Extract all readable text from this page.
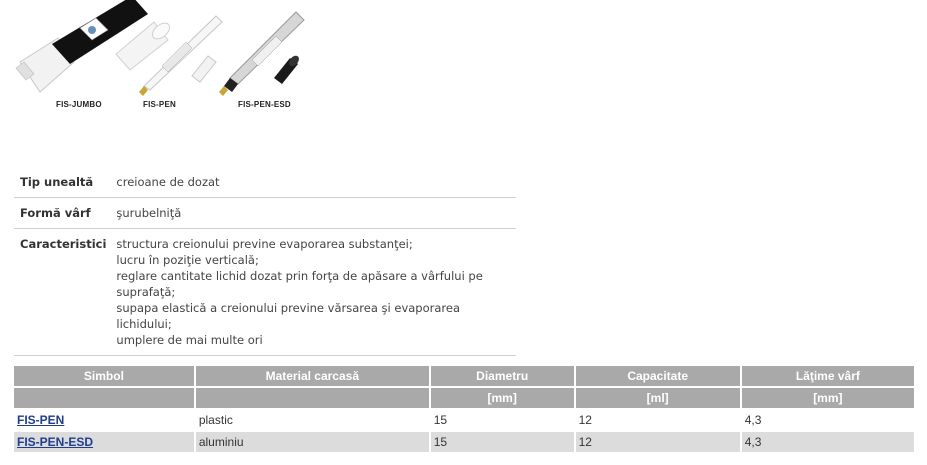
FIS-JUMBO	FIS-PEN	FIS-PEN-ESD
Tip unealtă	creioane de dozat

Formă vârf	şurubelniţă

Caracteristici	structura creionului previne evaporarea substanţei;
lucru în poziţie verticală;
reglare cantitate lichid dozat prin forţa de apăsare a vârfului pe suprafaţă;
supapa elastică a creionului previne vărsarea şi evaporarea lichidului;
umplere de mai multe ori
Simbol	Material carcasă	Diametru	Capacitate	Lăţime vârf
		[mm]	[ml]	[mm]
FIS-PEN	plastic	15	12	4,3
FIS-PEN-ESD	aluminiu	15	12	4,3
